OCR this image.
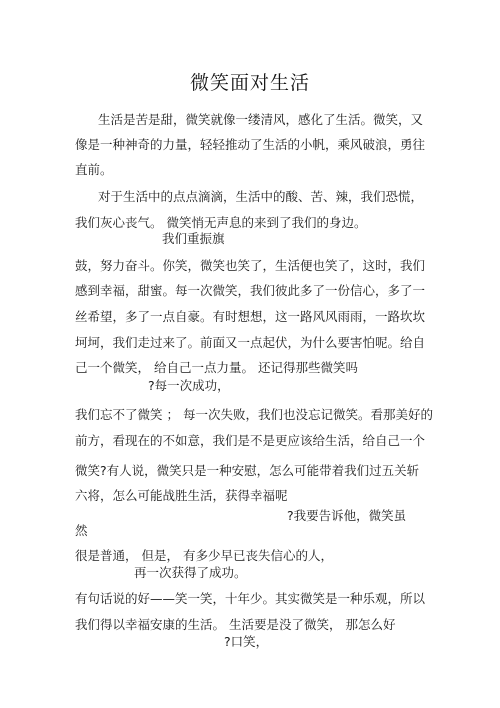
微笑面对生活
生活是苦是甜，微笑就像一缕清风，感化了生活。微笑，又
像是一种神奇的力量，轻轻推动了生活的小帆，乘风破浪，勇往
直前。
对于生活中的点点滴滴，生活中的酸、苦、辣，我们恐慌，
我们灰心丧气。 微笑悄无声息的来到了我们的身边。
我们重振旗
鼓，努力奋斗。你笑，微笑也笑了，生活便也笑了，这时，我们
感到幸福，甜蜜。每一次微笑，我们彼此多了一份信心，多了一
丝希望，多了一点自豪。有时想想，这一路风风雨雨，一路坎坎
坷坷，我们走过来了。前面又一点起伏，为什么要害怕呢。给自
己一个微笑， 给自己一点力量。 还记得那些微笑吗
?每一次成功，
我们忘不了微笑 ； 每一次失败，我们也没忘记微笑。看那美好的
前方，看现在的不如意，我们是不是更应该给生活，给自己一个
微笑?有人说，微笑只是一种安慰，怎么可能带着我们过五关斩
六将，怎么可能战胜生活，获得幸福呢
?我要告诉他，微笑虽
然
很是普通， 但是， 有多少早已丧失信心的人，
再一次获得了成功。
有句话说的好——笑一笑，十年少。其实微笑是一种乐观，所以
我们得以幸福安康的生活。 生活要是没了微笑， 那怎么好
?口笑，
